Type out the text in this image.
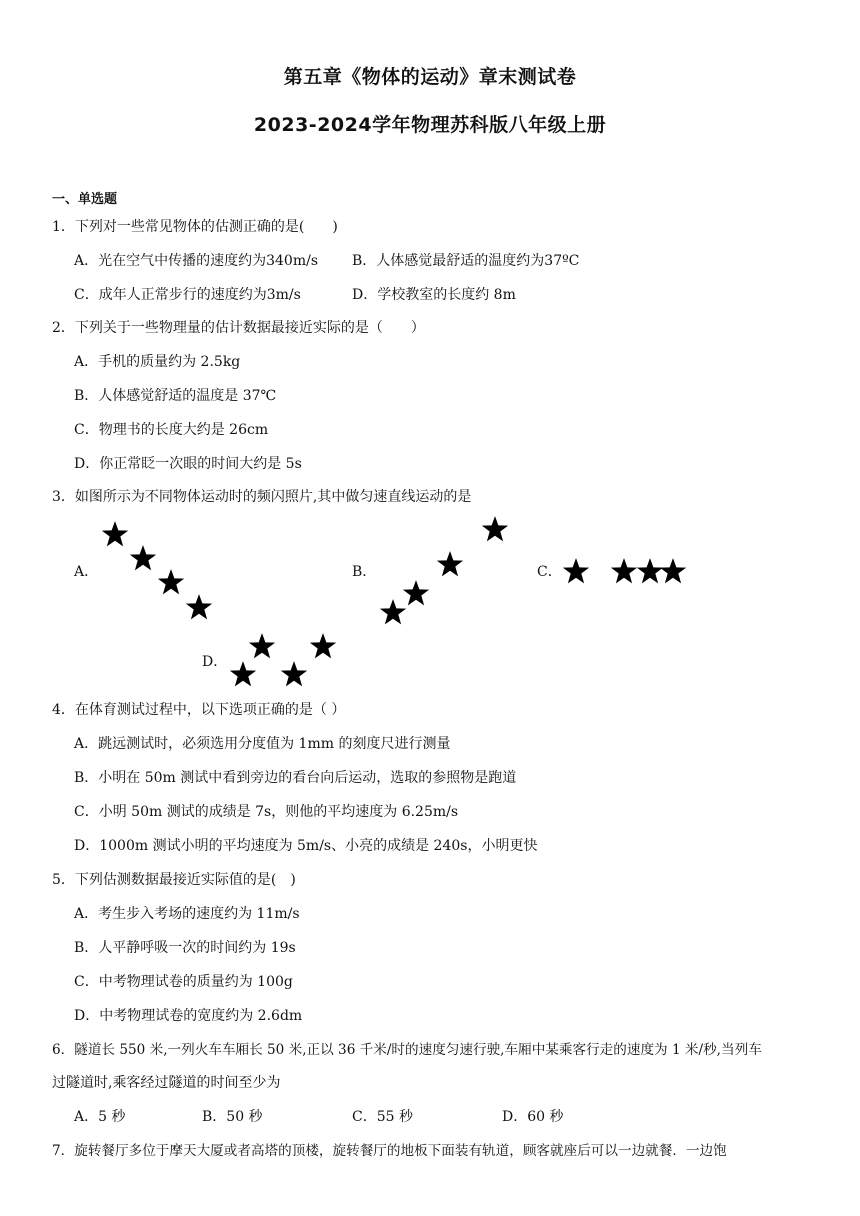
第五章《物体的运动》章末测试卷
2023-2024学年物理苏科版八年级上册
一、单选题
1．下列对一些常见物体的估测正确的是(　　)
A．光在空气中传播的速度约为340m/s B．人体感觉最舒适的温度约为37ºC
C．成年人正常步行的速度约为3m/s	D．学校教室的长度约 8m
2．下列关于一些物理量的估计数据最接近实际的是（　　）
A．手机的质量约为 2.5kg
B．人体感觉舒适的温度是 37℃
C．物理书的长度大约是 26cm
D．你正常眨一次眼的时间大约是 5s
3．如图所示为不同物体运动时的频闪照片,其中做匀速直线运动的是
A．	B．	C．
D．
4．在体育测试过程中，以下选项正确的是（ ）
A．跳远测试时，必须选用分度值为 1mm 的刻度尺进行测量
B．小明在 50m 测试中看到旁边的看台向后运动，选取的参照物是跑道
C．小明 50m 测试的成绩是 7s，则他的平均速度为 6.25m/s
D．1000m 测试小明的平均速度为 5m/s、小亮的成绩是 240s，小明更快
5．下列估测数据最接近实际值的是(　)
A．考生步入考场的速度约为 11m/s
B．人平静呼吸一次的时间约为 19s
C．中考物理试卷的质量约为 100g
D．中考物理试卷的宽度约为 2.6dm
6．隧道长 550 米,一列火车车厢长 50 米,正以 36 千米/时的速度匀速行驶,车厢中某乘客行走的速度为 1 米/秒,当列车
过隧道时,乘客经过隧道的时间至少为
A．5 秒	B．50 秒	C．55 秒	D．60 秒
7．旋转餐厅多位于摩天大厦或者高塔的顶楼，旋转餐厅的地板下面装有轨道，顾客就座后可以一边就餐．一边饱
